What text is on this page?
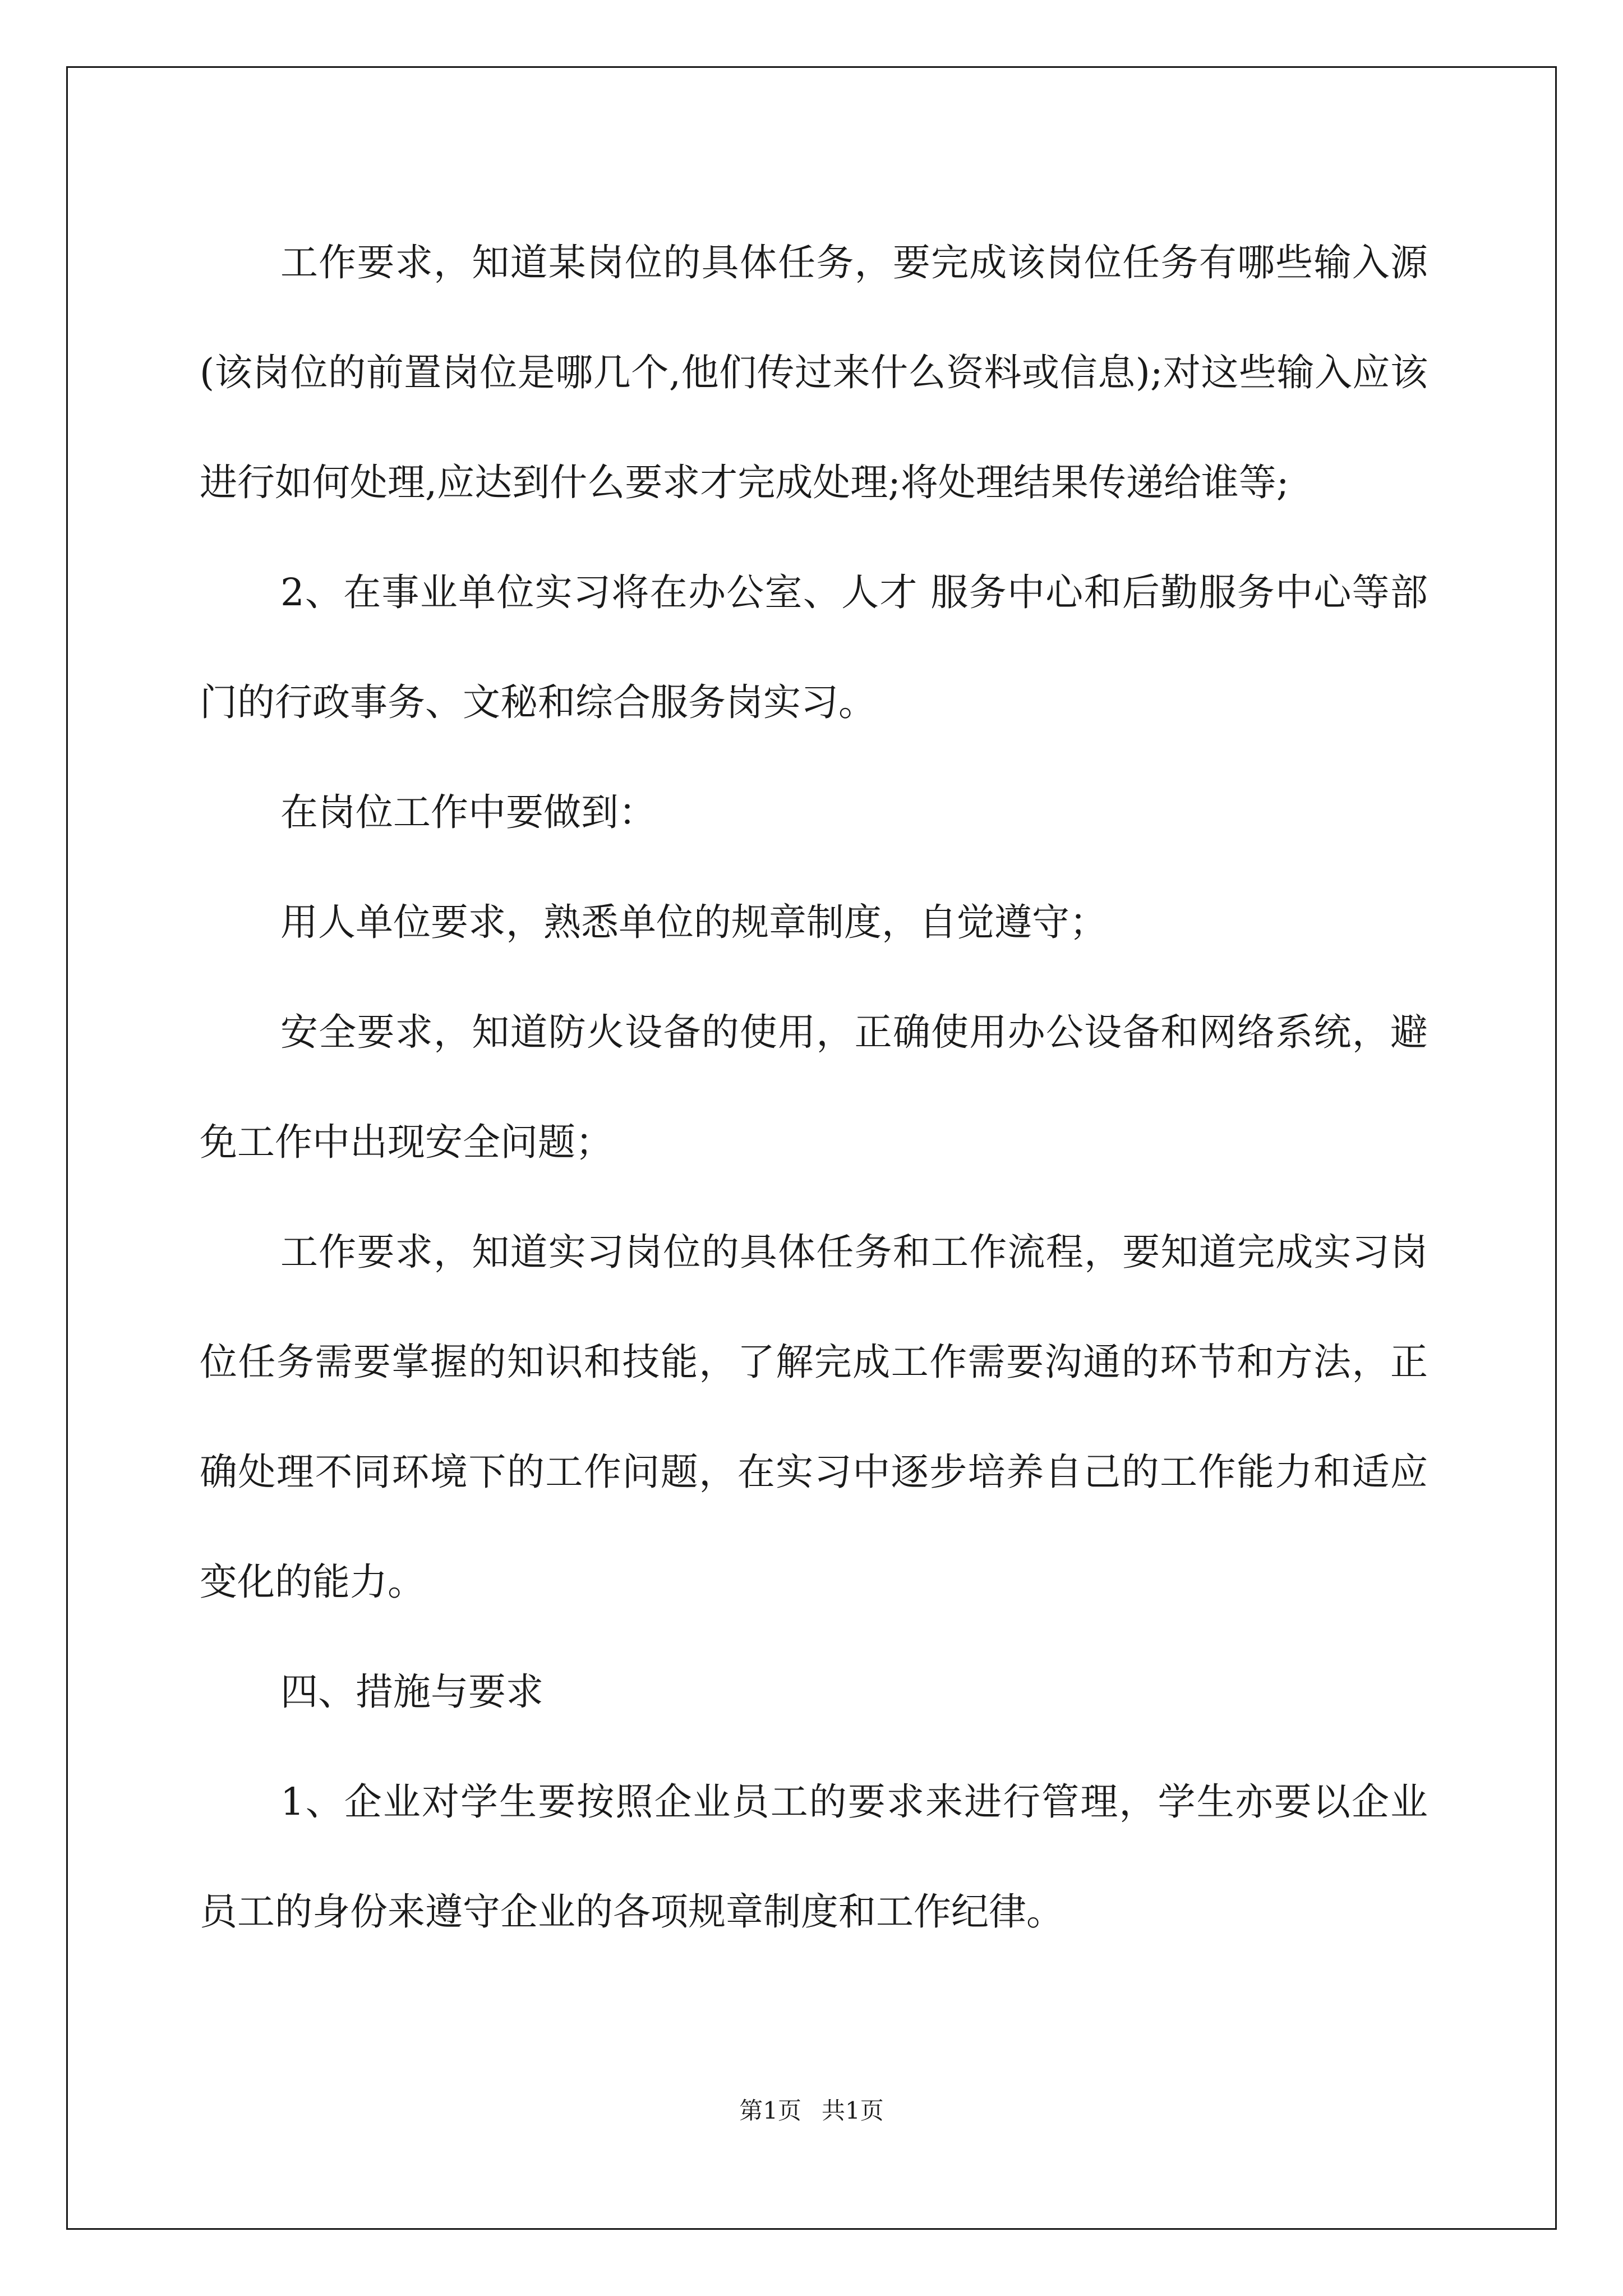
工作要求，知道某岗位的具体任务，要完成该岗位任务有哪些输入源(该岗位的前置岗位是哪几个,他们传过来什么资料或信息);对这些输入应该进行如何处理,应达到什么要求才完成处理;将处理结果传递给谁等;

2、在事业单位实习将在办公室、人才 服务中心和后勤服务中心等部门的行政事务、文秘和综合服务岗实习。

在岗位工作中要做到：

用人单位要求，熟悉单位的规章制度，自觉遵守；

安全要求，知道防火设备的使用，正确使用办公设备和网络系统，避免工作中出现安全问题；

工作要求，知道实习岗位的具体任务和工作流程，要知道完成实习岗位任务需要掌握的知识和技能，了解完成工作需要沟通的环节和方法，正确处理不同环境下的工作问题，在实习中逐步培养自己的工作能力和适应变化的能力。

四、措施与要求

1、企业对学生要按照企业员工的要求来进行管理，学生亦要以企业员工的身份来遵守企业的各项规章制度和工作纪律。

第1页 共1页
